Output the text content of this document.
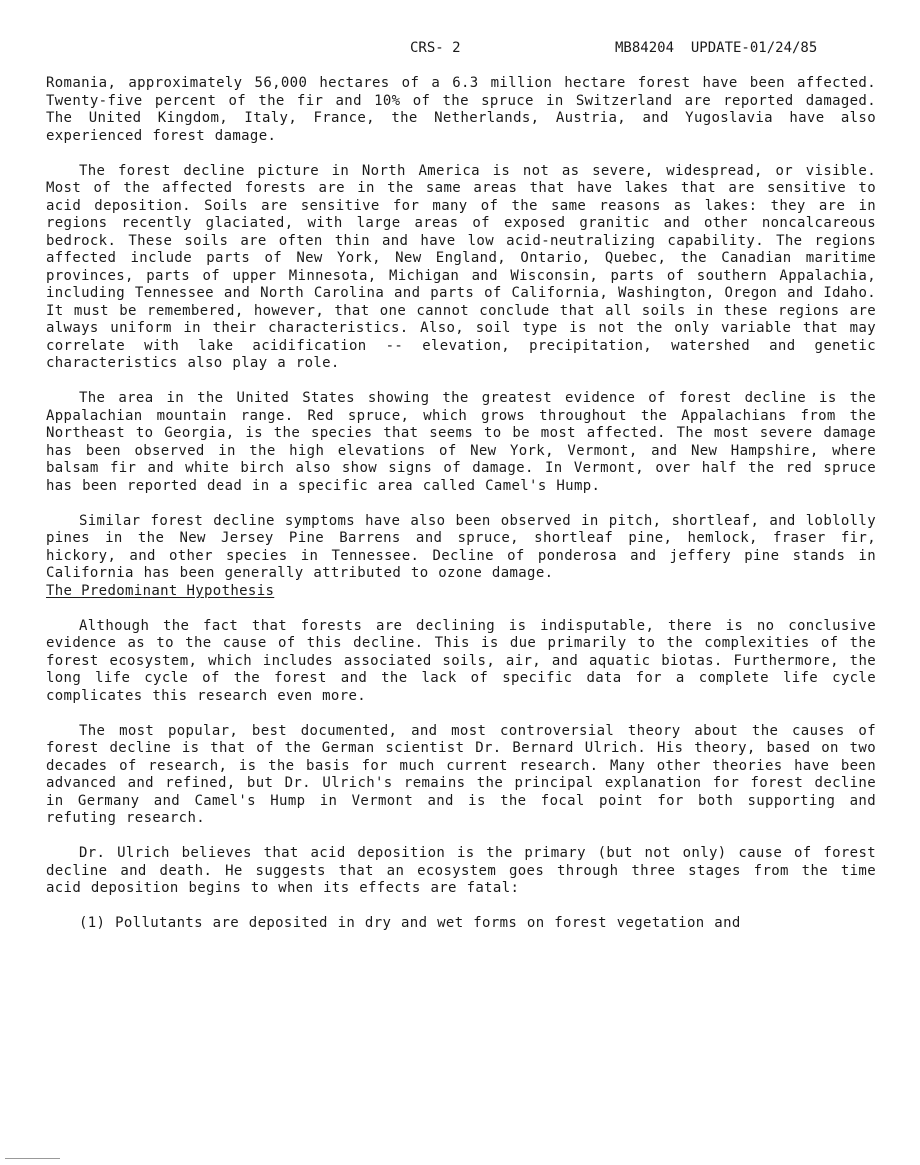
CRS- 2

	MB84204  UPDATE-01/24/85

Romania, approximately 56,000 hectares of a 6.3 million hectare forest have been affected. Twenty-five percent of the fir and 10% of the spruce in Switzerland are reported damaged. The United Kingdom, Italy, France, the Netherlands, Austria, and Yugoslavia have also experienced forest damage.

The forest decline picture in North America is not as severe, widespread, or visible. Most of the affected forests are in the same areas that have lakes that are sensitive to acid deposition. Soils are sensitive for many of the same reasons as lakes: they are in regions recently glaciated, with large areas of exposed granitic and other noncalcareous bedrock. These soils are often thin and have low acid-neutralizing capability. The regions affected include parts of New York, New England, Ontario, Quebec, the Canadian maritime provinces, parts of upper Minnesota, Michigan and Wisconsin, parts of southern Appalachia, including Tennessee and North Carolina and parts of California, Washington, Oregon and Idaho. It must be remembered, however, that one cannot conclude that all soils in these regions are always uniform in their characteristics. Also, soil type is not the only variable that may correlate with lake acidification -- elevation, precipitation, watershed and genetic characteristics also play a role.

The area in the United States showing the greatest evidence of forest decline is the Appalachian mountain range. Red spruce, which grows throughout the Appalachians from the Northeast to Georgia, is the species that seems to be most affected. The most severe damage has been observed in the high elevations of New York, Vermont, and New Hampshire, where balsam fir and white birch also show signs of damage. In Vermont, over half the red spruce has been reported dead in a specific area called Camel's Hump.

Similar forest decline symptoms have also been observed in pitch, shortleaf, and loblolly pines in the New Jersey Pine Barrens and spruce, shortleaf pine, hemlock, fraser fir, hickory, and other species in Tennessee. Decline of ponderosa and jeffery pine stands in California has been generally attributed to ozone damage.

The Predominant Hypothesis

Although the fact that forests are declining is indisputable, there is no conclusive evidence as to the cause of this decline. This is due primarily to the complexities of the forest ecosystem, which includes associated soils, air, and aquatic biotas. Furthermore, the long life cycle of the forest and the lack of specific data for a complete life cycle complicates this research even more.

The most popular, best documented, and most controversial theory about the causes of forest decline is that of the German scientist Dr. Bernard Ulrich. His theory, based on two decades of research, is the basis for much current research. Many other theories have been advanced and refined, but Dr. Ulrich's remains the principal explanation for forest decline in Germany and Camel's Hump in Vermont and is the focal point for both supporting and refuting research.

Dr. Ulrich believes that acid deposition is the primary (but not only) cause of forest decline and death. He suggests that an ecosystem goes through three stages from the time acid deposition begins to when its effects are fatal:

(1) Pollutants are deposited in dry and wet forms on forest vegetation and
